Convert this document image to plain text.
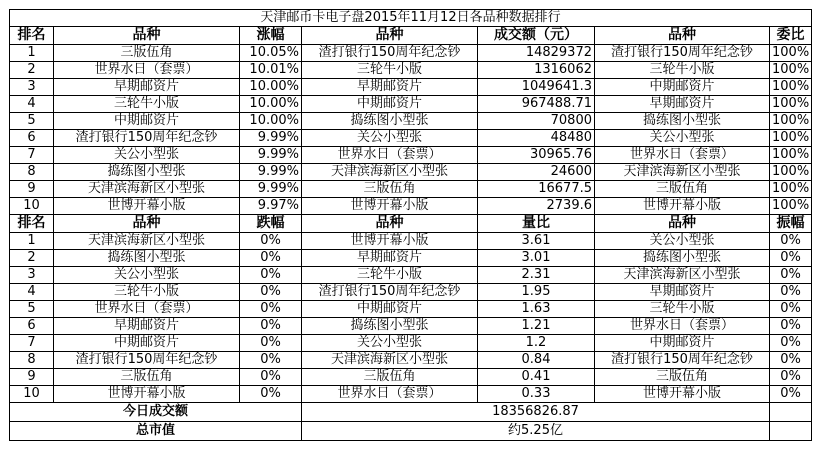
天津邮币卡电子盘2015年11月12日各品种数据排行						
排名	品种	涨幅	品种	成交额（元）	品种	委比
1	三版伍角	10.05%	渣打银行150周年纪念钞	14829372	渣打银行150周年纪念钞	100%
2	世界水日（套票）	10.01%	三轮牛小版	1316062	三轮牛小版	100%
3	早期邮资片	10.00%	早期邮资片	1049641.3	中期邮资片	100%
4	三轮牛小版	10.00%	中期邮资片	967488.71	早期邮资片	100%
5	中期邮资片	10.00%	捣练图小型张	70800	捣练图小型张	100%
6	渣打银行150周年纪念钞	9.99%	关公小型张	48480	关公小型张	100%
7	关公小型张	9.99%	世界水日（套票）	30965.76	世界水日（套票）	100%
8	捣练图小型张	9.99%	天津滨海新区小型张	24600	天津滨海新区小型张	100%
9	天津滨海新区小型张	9.99%	三版伍角	16677.5	三版伍角	100%
10	世博开幕小版	9.97%	世博开幕小版	2739.6	世博开幕小版	100%
排名	品种	跌幅	品种	量比	品种	振幅
1	天津滨海新区小型张	0%	世博开幕小版	3.61	关公小型张	0%
2	捣练图小型张	0%	早期邮资片	3.01	捣练图小型张	0%
3	关公小型张	0%	三轮牛小版	2.31	天津滨海新区小型张	0%
4	三轮牛小版	0%	渣打银行150周年纪念钞	1.95	早期邮资片	0%
5	世界水日（套票）	0%	中期邮资片	1.63	三轮牛小版	0%
6	早期邮资片	0%	捣练图小型张	1.21	世界水日（套票）	0%
7	中期邮资片	0%	关公小型张	1.2	中期邮资片	0%
8	渣打银行150周年纪念钞	0%	天津滨海新区小型张	0.84	渣打银行150周年纪念钞	0%
9	三版伍角	0%	三版伍角	0.41	三版伍角	0%
10	世博开幕小版	0%	世界水日（套票）	0.33	世博开幕小版	0%
今日成交额			18356826.87			
总市值			约5.25亿			
